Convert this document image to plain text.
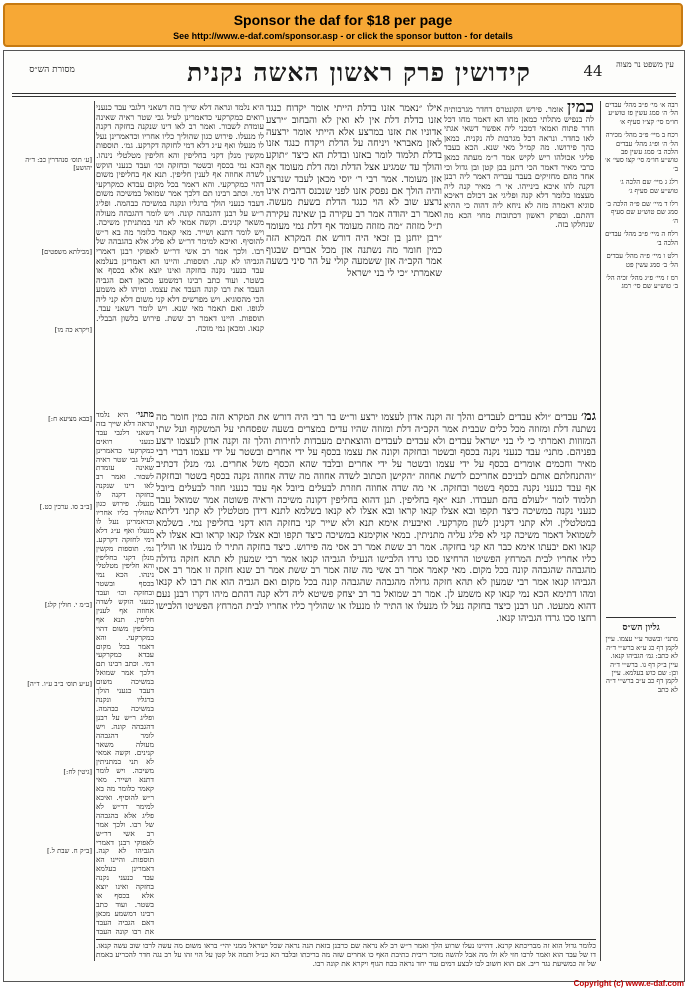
Sponsor the daf for $18 per page
See http://www.e-daf.com/sponsor.asp - or click the sponsor button - for details
מסורת הש״ס	קידושין פרק ראשון האשה נקנית	44	עין משפט נר מצוה
רבה א׳ מי׳ פ״ב מהל׳ עבדים הל׳ ה׳ סמג עשין פז טוש״ע חו״מ סי׳ קצ״ו סעיף א׳
רכח ב מיי׳ פ״ב מהל׳ מכירה הל׳ ה׳ ופ״ג מהל׳ עבדים הלכה ב׳ סמג עשין פב טוש״ע חו״מ סי׳ קצו סעי׳ א׳ ב׳
רלג ג מיי׳ שם הלכה ג׳ טוש״ע שם סעיף ג׳
רלו ד מיי׳ שם פ״ה הלכה ב׳ סמג שם טוש״ע שם סעיף ה׳
רלח ה מיי׳ פ״ב מהל׳ עבדים הלכה ב׳
רלט ו מיי׳ פ״ה מהל׳ עבדים הל׳ ב׳ סמג עשין פט
רמ ז מיי׳ פ״ג מהל׳ זכיה הל׳ ב׳ טוש״ע שם סי׳ רמג
גליון הש״ס
מתני׳ ובשטר ע״י עצמו. עיין לקמן דף כג ע״א ברש״י ד״ה לא כתב: גמ׳ הגביהו קנאו. עיין ב״ק דף נו. ברש״י ד״ה וכן: שם כוש בעלמא. עיין לקמן דף כב ע״ב ברש״י ד״ה לא כתב
כמין אומר. פירש הקונטרס דחדר מגרבותיה לה בנפיש מתלתי כמאן מחו הא דאמר מחו דכל חדר פתוח ואמאי דמכני ליה אפשר דשאי אגתי לאו כחדר. ונראה דכל מגרבות לה נקנית. כמאן כהך פירושו. מה קמ״ל מאי שנא. הכא בעבד פליגי אכולהו ריש לקיש אמר ר״מ מעתה כמאן כרבי מאיר דאמר הכי דתנן בבן קטן ובן גדול וכי אחד מהם מחזיקים בעבד עבריה דאמר ליה רבנן דקנה להו איכא בינייהו. אי ר׳ מאיר קנה ליה מעצמו כלומר דלא קנה ופליגי אב דכולם דאיכא סוגיא דאמרה מזה לא ניחא ליה דהוה כי ההיא דהתם. ובפרק ראשון דכתובות מחוי הכא מה שנחלקו בזה.
אילו ״נאמר אזנו בדלת הייתי אומר יקדוח כנגד אזנו בדלת דלת אין לא ואין לא והבחוב ״ירצע אדוניו את אזנו במרצע אלא הייתי אומר ירצעה לאזן מאבראי ויניחה על הדלת ויקדח כנגד אזנו בדלת תלמוד לומר באזנו ובדלת הא כיצד ״תוקע והולך עד שמגיע אצל הדלת ומה דלת מעומד אף אזן מעומד. אמר רבי ר׳ יוסי מכאן לעבד שנרצע והיה הולך אם נפסק אזנו לפני שנכנס דהבית אינו נרצע שוב לא הוי כנגד הדלת בשעת מעשה. ואמר רב יהודה אמר רב עקירה בן שאינה עקירה ת״ל מזוזה ״מה מזוזה מעומד אף דלת נמי מעומד ״רבן יוחנן בן זכאי היה דורש את המקרא הזה כמין חומר מה נשתנה אזן מכל אברים שבגוף אמר הקב״ה אזן ששמעה קולי על הר סיני בשעה שאמרתי ״כי לי בני ישראל
היא נלמד ונראה דלא שייך בזה דשאני דלגבי עבד כנעני רואים כמקרקעי כדאמרינן לעיל גבי שטר ראיה שאינה עומדת לשבור. ואמר רב לאו דינו שנקנה בחזקה דקנה לו מנעלו. פירוש כגון שהוליך כליו אחריו וכדאמרינן נעל לו מנעלו ואף ע״ג דלא דמי לחזקה דקרקע. גמ׳. תוספות מקשין מנלן דקני בחליפין והא חליפין מטלטלי נינהו. הכא נמי בכסף ובשטר ובחזקה וכו׳ ועבד כנעני הוקש לשדה אחוזה אף לענין חליפין. תנא אף בחליפין משום דהוי כמקרקעי. והא דאמר בכל מקום עבדא כמקרקעי דמי. וכתב רבינו תם דלכך אמר שמואל במשיכה משום דעבד כנעני הולך ברגליו ונקנה במשיכה כבהמה. ופליג ר״ש על רבנן דהגבהה קונה. ויש לומר דהגבהה מעולה משאר קנינים. וקשה אמאי לא תני במתניתין משיכה. ויש לומר דתנא ושייר. מאי קאמר כלומר מה בא ר״ש להוסיף. ואיכא למימר דר״ש לא פליג אלא בהגבהה של רבו. ולכך אמר רב אשי דר״ש לאפוקי רבנן דאמרי הגביהו לא קנה. תוספות. והיינו הא דאמרינן בעלמא עבד כנעני נקנה בחזקה ואינו יוצא אלא בכסף או בשטר. ועוד כתב רבינו דמשמע מכאן דאם הגביה העבד את רבו קונה העבד את עצמו. ומיהו לא משמע הכי מהסוגיא. ויש מפרשים דלא קני משום דלא קני ליה לגופו. ואם תאמר מאי שנא. ויש לומר דשאני עבד. תוספות. היינו דאמר רב ששת. פירוש בלשון הבבלי. קנאו. ומכאן נמי מוכח.
גמ׳ עבדים ״ולא עבדים לעבדים והלך זה וקנה אדון לעצמו ירצע ור״ש בר רבי היה דורש את המקרא הזה כמין חומר מה נשתנה דלת ומזוזה מכל כלים שבבית אמר הקב״ה דלת ומזוזה שהיו עדים במצרים בשעה שפסחתי על המשקוף ועל שתי המזוזות ואמרתי כי לי בני ישראל עבדים ולא עבדים לעבדים והוצאתים מעבדות לחירות והלך זה וקנה אדון לעצמו ירצע בפניהם. מתני׳ עבד כנעני נקנה בכסף ובשטר ובחזקה וקונה את עצמו בכסף על ידי אחרים ובשטר על ידי עצמו דברי רבי מאיר וחכמים אומרים בכסף על ידי עצמו ובשטר על ידי אחרים ובלבד שהא הכסף משל אחרים. גמ׳ מנלן דכתיב ״והתנחלתם אותם לבניכם אחריכם לרשת אחוזה ״הקישן הכתוב לשדה אחוזה מה שדה אחוזה נקנה בכסף בשטר ובחזקה אף עבד כנעני נקנה בכסף בשטר ובחזקה. אי מה שדה אחוזה חוזרת לבעלים ביובל אף עבד כנעני חוזר לבעלים ביובל תלמוד לומר ״לעולם בהם תעבודו. תנא ״אף בחליפין. תנן דהוא בחליפין דקונה משיכה וראיה פשוטה אמר שמואל עבד כנעני נקנה במשיכה כיצד תקפו ובא אצלו קנאו קראו ובא אצלו לא קנאו בשלמא לתנא דידן מטלטלין לא קתני דליתא במטלטלין. ולא קתני דקנינן לשון מקרקעי. ואיבעית אימא תנא ולא שייר קני בחזקה הוא דקני בחליפין נמי. בשלמא לשמואל דאמר משיכה קני לא פליג עליה מתניתין. במאי אוקימנא במשיכה כיצד תקפו ובא אצלו קנאו קראו ובא אצלו לא קנאו ואם יבעתו אימא כבר הא קני בחזקה. אמר רב ששת אמר רב אסי מה פירוש. כיצד בחזקה התיר לו מנעלו או הוליך כליו אחריו לבית המרחץ הפשיטו הרחיצו סכו גרדו הלבישו הנעילו הגביהו קנאו אמר רבי שמעון לא תהא חזקה גדולה מהגבהה שהגבהה קונה בכל מקום. מאי קאמר אמר רב אשי מה שזה אמר רב ששת אמר רב שנא חזקה זו אמר רב אסי הגביהו קנאו אמר רבי שמעון לא תהא חזקה גדולה מהגבהה שהגבהה קונה בכל מקום ואם הגביה הוא את רבו לא קנאו ומהו דתימא הכא נמי קנאו קא משמע לן. אמר רב שמואל בר רב יצחק פשיטא ליה דלא קנה דהתם מיהו דקרו רבנן נעם דהוא ממעטו. תנו רבנן כיצד בחזקה נעל לו מנעלו או התיר לו מנעלו או שהוליך כליו אחריו לבית המרחץ הפשיטו הלבישו רחצו סכו גרדו הגביהו קנאו.
מתני׳ היא נלמד ונראה דלא שייך בזה דשאני דלגבי עבד כנעני רואים כמקרקעי כדאמרינן לעיל גבי שטר ראיה שאינה עומדת לשבור. ואמר רב לאו דינו שנקנה בחזקה דקנה לו מנעלו. פירוש כגון שהוליך כליו אחריו וכדאמרינן נעל לו מנעלו ואף ע״ג דלא דמי לחזקה דקרקע. גמ׳. תוספות מקשין מנלן דקני בחליפין והא חליפין מטלטלי נינהו. הכא נמי בכסף ובשטר ובחזקה וכו׳ ועבד כנעני הוקש לשדה אחוזה אף לענין חליפין. תנא אף בחליפין משום דהוי כמקרקעי. והא דאמר בכל מקום עבדא כמקרקעי דמי. וכתב רבינו תם דלכך אמר שמואל במשיכה משום דעבד כנעני הולך ברגליו ונקנה במשיכה כבהמה. ופליג ר״ש על רבנן דהגבהה קונה. ויש לומר דהגבהה מעולה משאר קנינים. וקשה אמאי לא תני במתניתין משיכה. ויש לומר דתנא ושייר. מאי קאמר כלומר מה בא ר״ש להוסיף. ואיכא למימר דר״ש לא פליג אלא בהגבהה של רבו. ולכך אמר רב אשי דר״ש לאפוקי רבנן דאמרי הגביהו לא קנה. תוספות. והיינו הא דאמרינן בעלמא עבד כנעני נקנה בחזקה ואינו יוצא אלא בכסף או בשטר. ועוד כתב רבינו דמשמע מכאן דאם הגביה העבד את רבו קונה העבד
[ע׳ תוס׳ סנהדרין כב: ד״ה יהושע]
[מכילתא משפטים]
[ויקרא כה מו]
[בבא מציעא ח:]
[ב״ב סו. ערכין כט.]
[ב״מ י. חולין קלג]
[ע״ע תוס׳ ב״ב ע״ו. ד״ה]
[גיטין לח:]
[ב״ק ח. שבת ל.]
כלומר גדול הוא זה מבריכתא קרנא. דהיינו נעלו שרוע הלך ואמר ר״ש רב לא נראה שם כרבנן בזאת הנה נראה שכל ישראל ממני יהי״ בראו משום מה עשה לרבו שוב עשה קנאו. דו של עבד הוא ואמר לרבו חזי לא ולו מה אבל להשה מוכר ריבית כתיבת האף כו אחרים שזה מה בריכתו ובלבד הא כנ״ל ותמה אל קטן על הוי זהו על רב נגה חדר להכריע באמת של זה כמשיעת נגד ריב. אם הוא חשוב לבו לבצע דמים עוד יחד נראה בכח הגוף ויקרא את קונה רבו.
Copyright (c) www.e-daf.com
